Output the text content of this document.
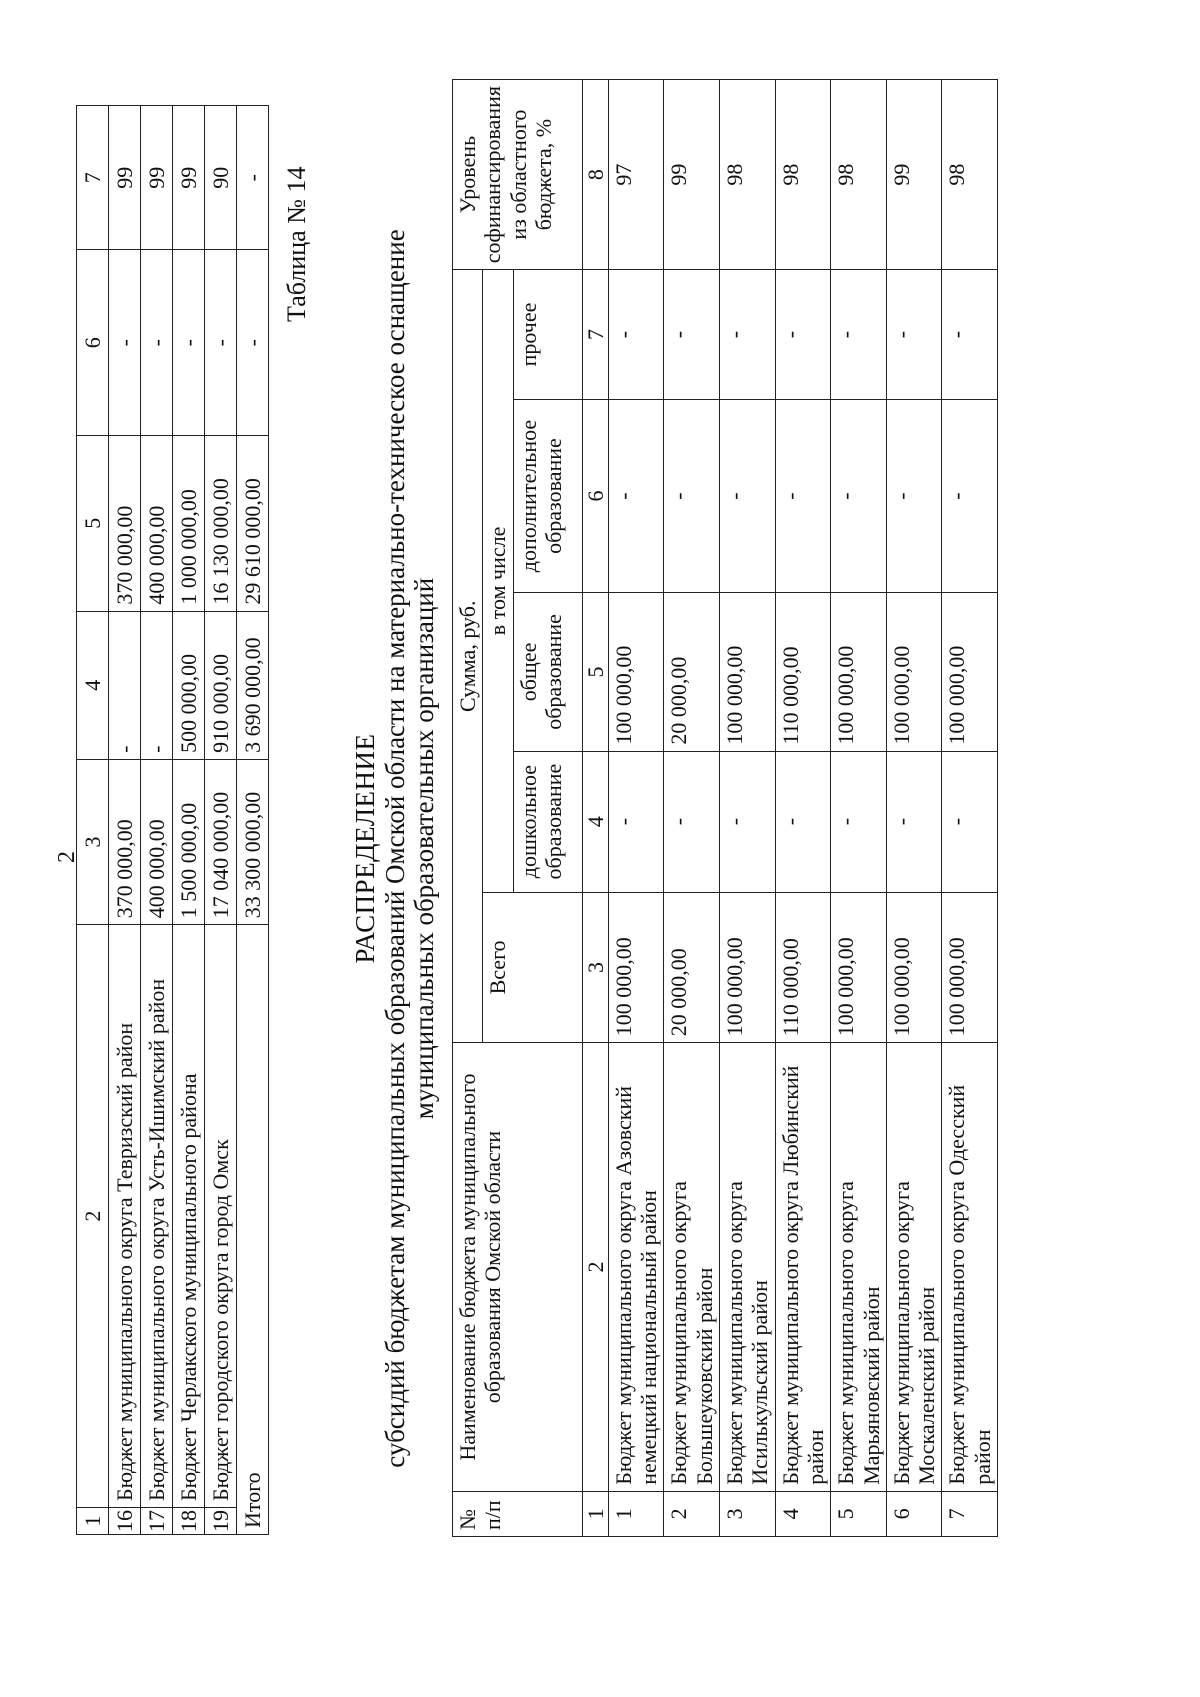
2
1	2	3	4	5	6	7
16	Бюджет муниципального округа Тевризский район	370 000,00	-	370 000,00	-	99
17	Бюджет муниципального округа Усть-Ишимский район	400 000,00	-	400 000,00	-	99
18	Бюджет Черлакского муниципального района	1 500 000,00	500 000,00	1 000 000,00	-	99
19	Бюджет городского округа город Омск	17 040 000,00	910 000,00	16 130 000,00	-	90
Итого		33 300 000,00	3 690 000,00	29 610 000,00	-	- Таблица № 14
РАСПРЕДЕЛЕНИЕ субсидий бюджетам муниципальных образований Омской области на материально-техническое оснащение муниципальных образовательных организаций
№ п/п	Наименование бюджета муниципального образования Омской области	Сумма, руб.					Уровень софинансирования из областного бюджета, %
		Всего	в том числе				
			дошкольное образование	общее образование	дополнительное образование	прочее	
1	2	3	4	5	6	7	8
1	Бюджет муниципального округа Азовский немецкий национальный район	100 000,00	-	100 000,00	-	-	97
2	Бюджет муниципального округа Большеуковский район	20 000,00	-	20 000,00	-	-	99
3	Бюджет муниципального округа Исилькульский район	100 000,00	-	100 000,00	-	-	98
4	Бюджет муниципального округа Любинский район	110 000,00	-	110 000,00	-	-	98
5	Бюджет муниципального округа Марьяновский район	100 000,00	-	100 000,00	-	-	98
6	Бюджет муниципального округа Москаленский район	100 000,00	-	100 000,00	-	-	99
7	Бюджет муниципального округа Одесский район	100 000,00	-	100 000,00	-	-	98
